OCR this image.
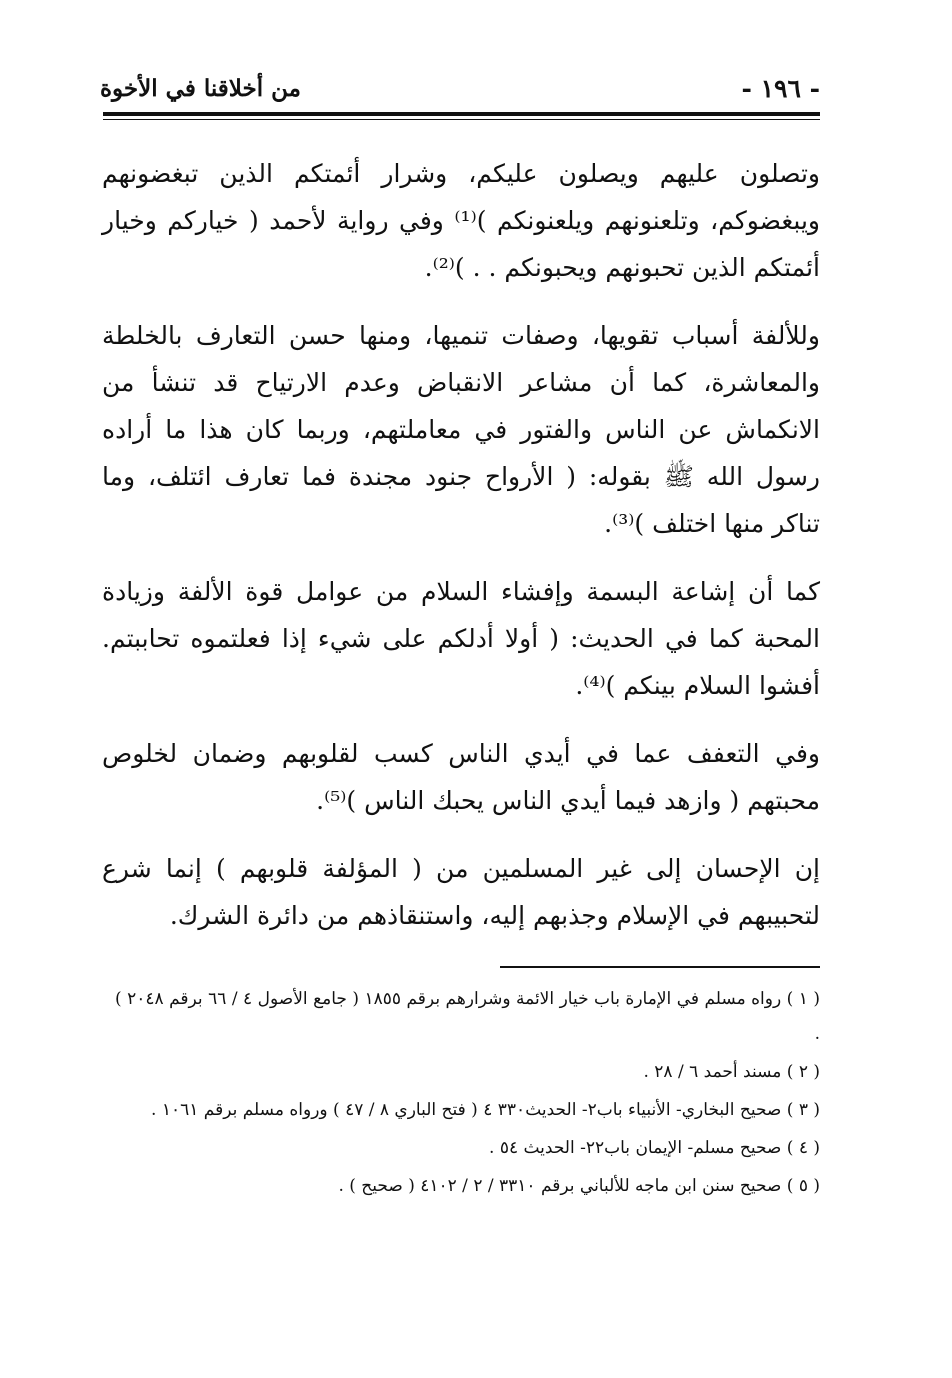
- ١٩٦ -
من أخلاقنا في الأخوة

وتصلون عليهم ويصلون عليكم، وشرار أئمتكم الذين تبغضونهم ويبغضوكم، وتلعنونهم ويلعنونكم )⁽¹⁾ وفي رواية لأحمد ( خياركم وخيار أئمتكم الذين تحبونهم ويحبونكم . . )⁽²⁾.

وللألفة أسباب تقويها، وصفات تنميها، ومنها حسن التعارف بالخلطة والمعاشرة، كما أن مشاعر الانقباض وعدم الارتياح قد تنشأ من الانكماش عن الناس والفتور في معاملتهم، وربما كان هذا ما أراده رسول الله ﷺ بقوله: ( الأرواح جنود مجندة فما تعارف ائتلف، وما تناكر منها اختلف )⁽³⁾.

كما أن إشاعة البسمة وإفشاء السلام من عوامل قوة الألفة وزيادة المحبة كما في الحديث: ( أولا أدلكم على شيء إذا فعلتموه تحاببتم. أفشوا السلام بينكم )⁽⁴⁾.

وفي التعفف عما في أيدي الناس كسب لقلوبهم وضمان لخلوص محبتهم ( وازهد فيما أيدي الناس يحبك الناس )⁽⁵⁾.

إن الإحسان إلى غير المسلمين من ( المؤلفة قلوبهم ) إنما شرع لتحبيبهم في الإسلام وجذبهم إليه، واستنقاذهم من دائرة الشرك.

( ١ ) رواه مسلم في الإمارة باب خيار الائمة وشرارهم برقم ١٨٥٥ ( جامع الأصول ٤ / ٦٦ برقم ٢٠٤٨ ) .

( ٢ ) مسند أحمد ٦ / ٢٨ .

( ٣ ) صحيح البخاري- الأنبياء باب٢- الحديث٣٣٠ ٤ ( فتح الباري ٨ / ٤٧ ) ورواه مسلم برقم ١٠٦١ .

( ٤ ) صحيح مسلم- الإيمان باب٢٢- الحديث ٥٤ .

( ٥ ) صحيح سنن ابن ماجه للألباني برقم ٣٣١٠ / ٢ / ٤١٠٢ ( صحيح ) .
